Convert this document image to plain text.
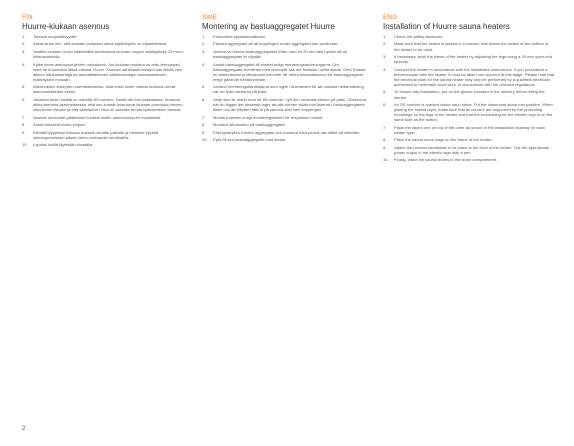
FIN
Huurre-kiukaan asennus
1. Tarkista suojaetäisyydet.
2. Aseta kiuas niin, että kiukaan pohjassa oleva käyttökytkin on käytettävissä.
3. Vaattse kiukaan runko säätämällä tarvittaessa kiukaan rungon säätöjalkoja 20 mm:n kiintoavaimella.
4. Kytke kiuas asennusohjeiden mukaisesti. Jos kiukaan mukana os-tettu termospari, tulee se kuomioida tässä välissä. Huom. Kiukaan sähköasennustyöt saa tehdä vain alkeen sähköasentaja tai ammattitaitoinen sähköasentaja voimassaolevien määräysten mukaan.
5. Asennuksen sisteyden varmistamiseksi, laita ensin kiven nostoa mukana olevat asennuskäsineet kiteen.
6. Jokaisen kiven sisällä on merkitty 55-numero. Nosta alin kiin pakkalassa. Huomaa alinta kerrosta asennettaessa, että sen kulmat tukeutuvat kiukaan pinnoissa olevien ulkonevien listojen ja että sähkökiven viiva on samalla sivulla kytkinkotelon kanssa.
7. Nostele seminaari pääkiesten tunkkis mallin asennusohjeen mukaisesti.
8. Aseta kiviseinä kivien ympäri.
9. Kiinnitä tyyppikilpi kiukaan edessä olevalle paikalle ja merkitse kyyldiä oikeanpuoleiseen aikeen tehon sintoisella merkkarilla.
10. Lopuksi kivillä täytetään kiuastilla.
SWE
Montering av bastuaggregatet Huurre
1. Kontrollera skyddsavstånden.
2. Placera aggregatet så att kopplingen under aggregatet kan användas.
3. Justera vid behov bastuaggregatets fötter med en 20 mm fast nyckel så att bastuaggregatet är vågrätt.
4. Anslut bastuaggregatet till elnätet enligt monteringsanvisningarna. Om bastuaggregatet levererats med termopar ska det beaktas i detta skede. Obs! Endast en auktoriserad professionell elmontör får utföra elinstallationen för bastuaggregatet enligt gällande bestämmelser.
5. Använd monteringshandskarna som ingår i leveransen för att undvika nedsmutsning när du lyfter stenarna på plats.
6. Varje sten är märkt med ett 55-nummer. Lyft den nedersta stenen på plats. Observera när du lägger det nedersta lager att alla hörnen stöds mot listerna i bastuaggregatets fötter och att elkyften fälls in på samma sida som kopplingen.
7. Montera stenen enligt monteringsbilden för respektive modell.
8. Montera stensarken på bastuaggregatet.
9. Fäst typskylten framför aggregatet och markera med penna rätt effekt på etiketten.
10. Fylla till slut bastuaggregatet med stenar.
ENG
Installation of Huurre sauna heaters
1. Check the safety distances.
2. Make sure that the heater is placed in a manner that allows the switch at the bottom of the heater to be used.
3. If necessary, level the frame of the heater by adjusting the legs using a 20 mm open-end spanner.
4. Connect the heater in accordance with the installation instructions. If you purchased a thermocouple with the heater, it must be taken into account at this stage. Please note that the electrical work for the sauna heater may only be performed by a qualified electrician authorised to undertake such work, in accordance with the relevant regulations.
5. To ensure tidy installation, put on the gloves included in the delivery before lifting the stones.
6. An SS number is marked inside each stone. Put the lowermost stone into position. When placing the lowest layer, make sure that its corners are supported by the protruding mouldings on the legs of the heater and that the embedding for the electric sign is on the same side as the switch.
7. Place the layers one on top of the other as shown in the installation drawing for each heater type.
8. Place the sauna stone cage on the frame of the heater.
9. Attach the product nameplate in its place at the front of the heater. Tick the appropriate power output in the electric sign with a pen.
10. Finally, place the sauna stones in the stone compartment.
2
